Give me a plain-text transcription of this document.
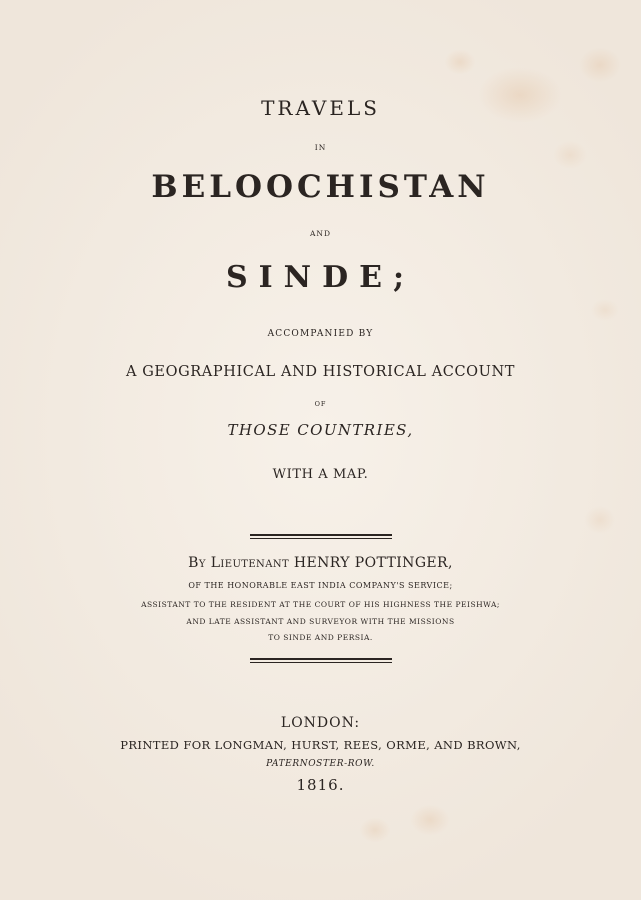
TRAVELS
IN
BELOOCHISTAN
AND
SINDE;
ACCOMPANIED BY
A GEOGRAPHICAL AND HISTORICAL ACCOUNT
OF
THOSE COUNTRIES,
WITH A MAP.
By Lieutenant HENRY POTTINGER,
OF THE HONORABLE EAST INDIA COMPANY'S SERVICE;
ASSISTANT TO THE RESIDENT AT THE COURT OF HIS HIGHNESS THE PEISHWA;
AND LATE ASSISTANT AND SURVEYOR WITH THE MISSIONS
TO SINDE AND PERSIA.
LONDON:
PRINTED FOR LONGMAN, HURST, REES, ORME, AND BROWN,
PATERNOSTER-ROW.
1816.
